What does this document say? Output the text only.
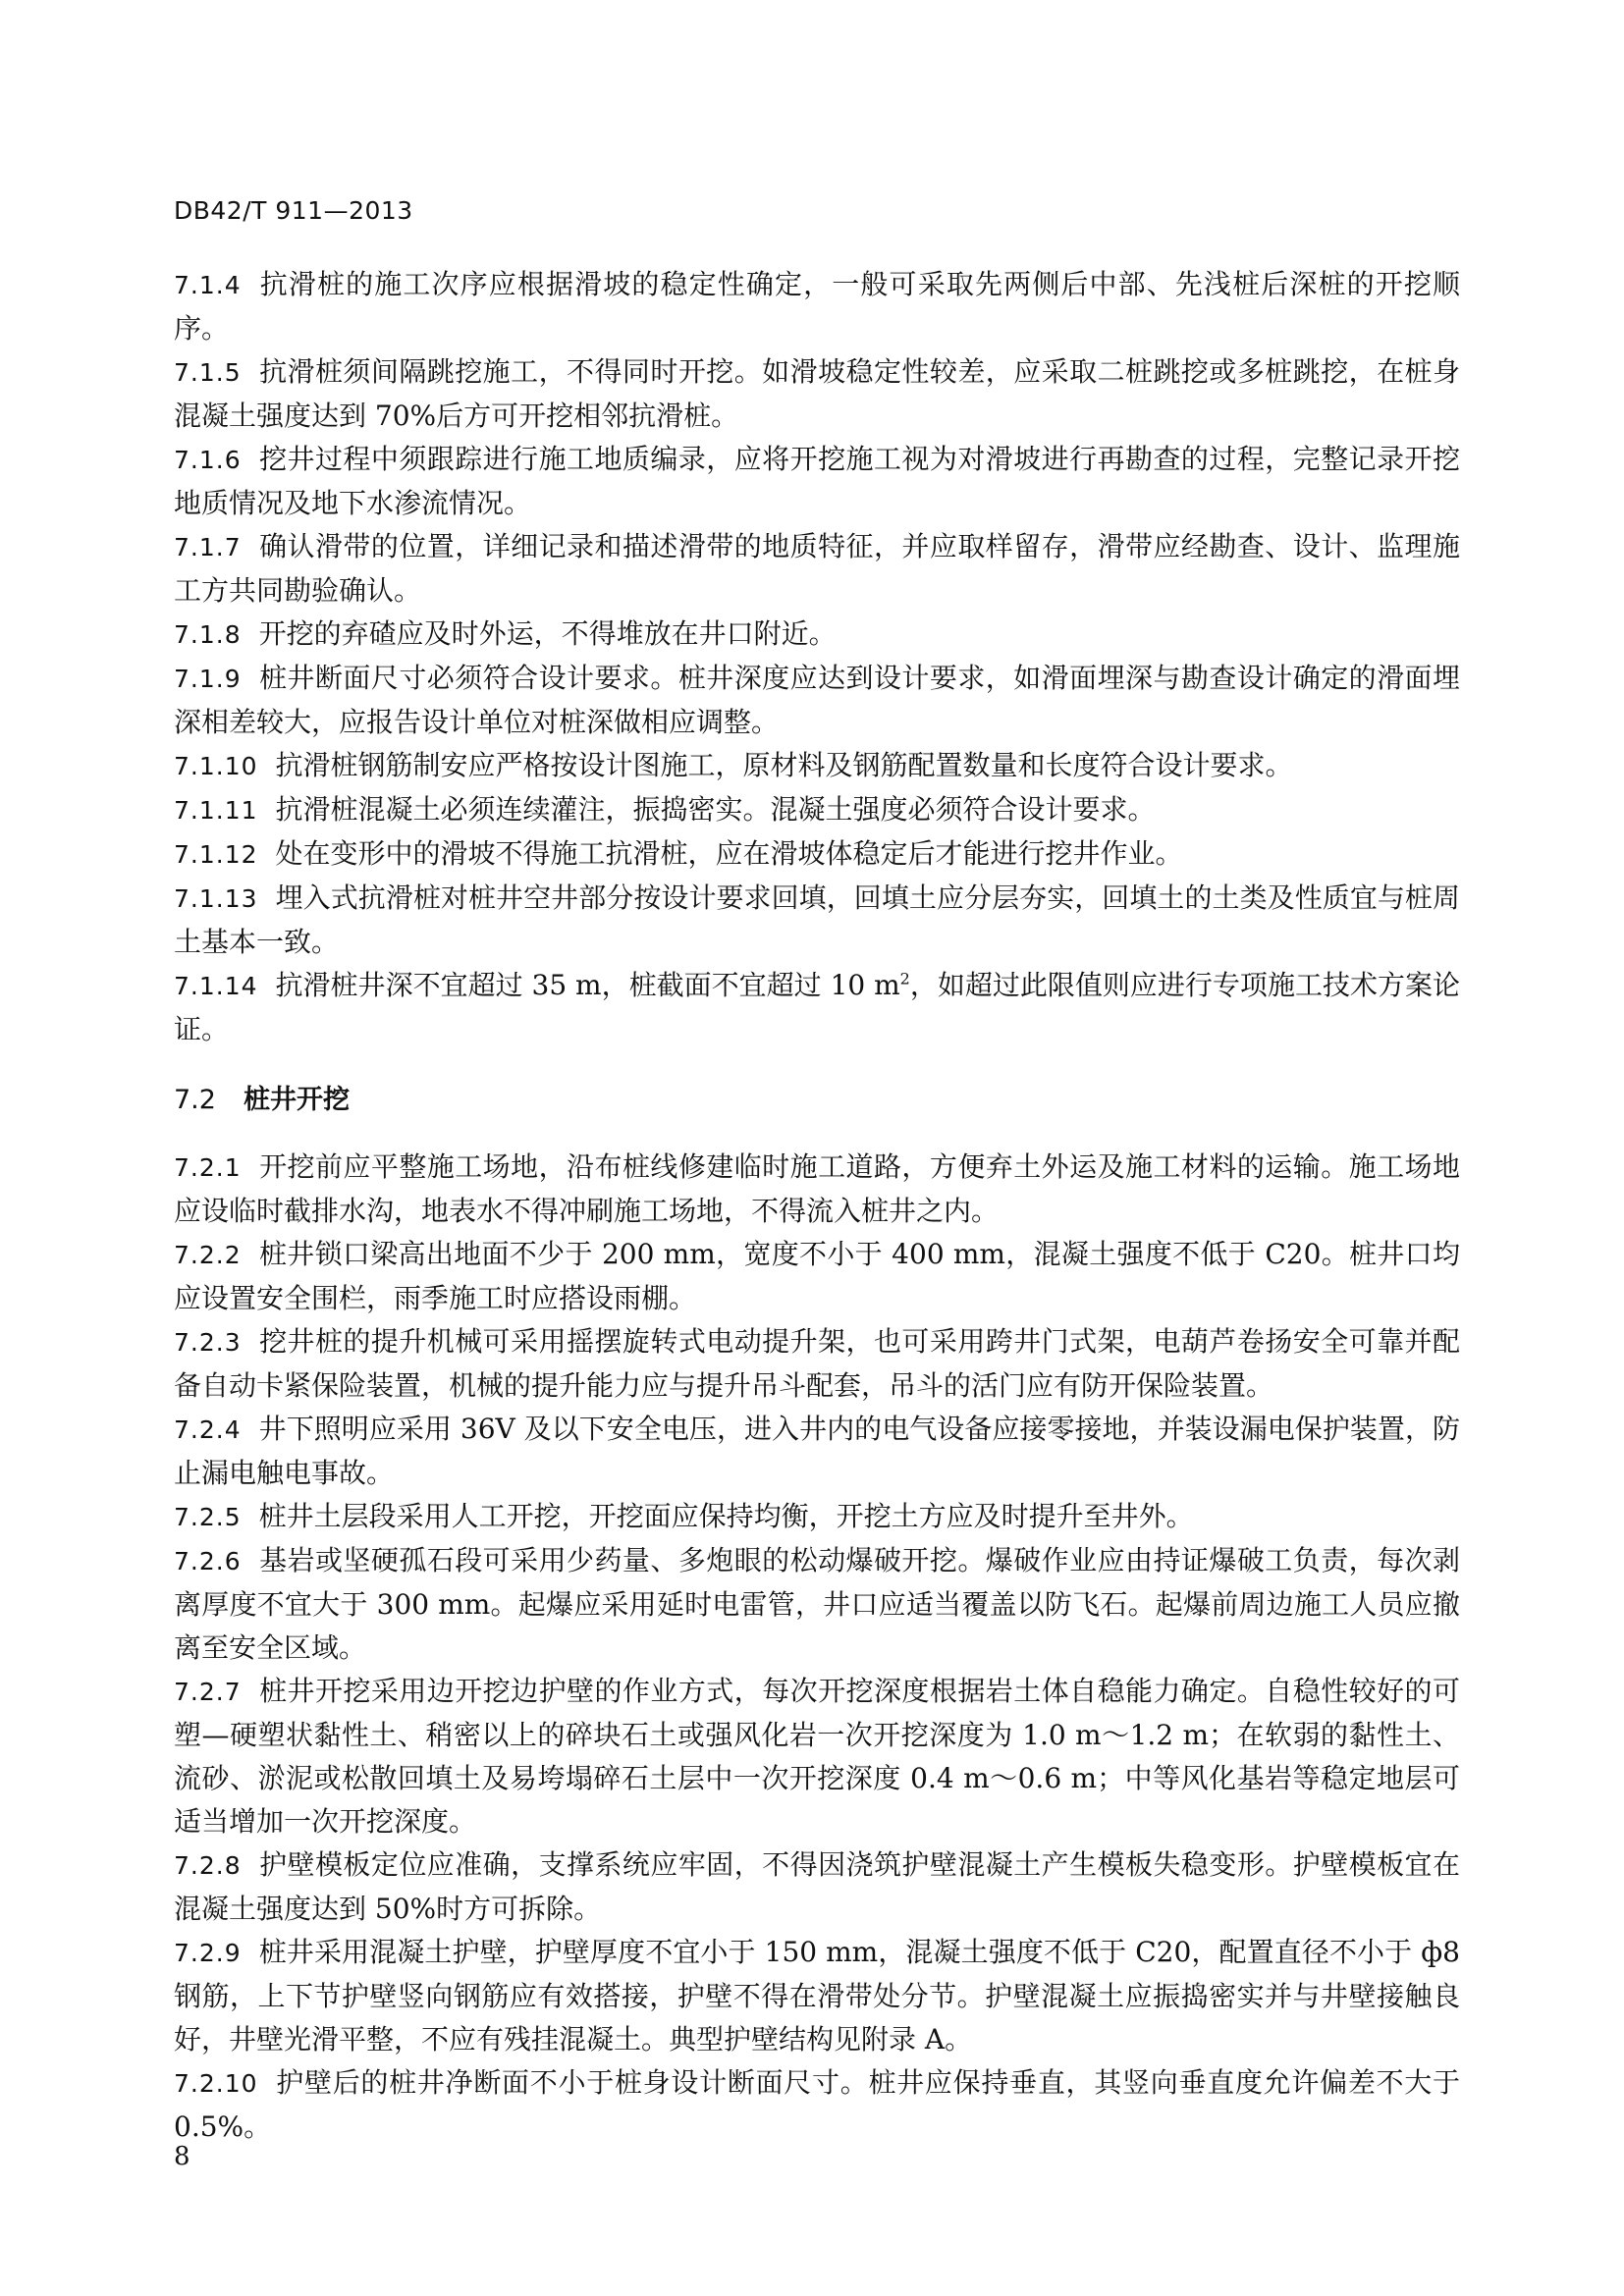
DB42/T 911—2013

7.1.4 抗滑桩的施工次序应根据滑坡的稳定性确定，一般可采取先两侧后中部、先浅桩后深桩的开挖顺序。

7.1.5 抗滑桩须间隔跳挖施工，不得同时开挖。如滑坡稳定性较差，应采取二桩跳挖或多桩跳挖，在桩身混凝土强度达到 70%后方可开挖相邻抗滑桩。

7.1.6 挖井过程中须跟踪进行施工地质编录，应将开挖施工视为对滑坡进行再勘查的过程，完整记录开挖地质情况及地下水渗流情况。

7.1.7 确认滑带的位置，详细记录和描述滑带的地质特征，并应取样留存，滑带应经勘查、设计、监理施工方共同勘验确认。

7.1.8 开挖的弃碴应及时外运，不得堆放在井口附近。

7.1.9 桩井断面尺寸必须符合设计要求。桩井深度应达到设计要求，如滑面埋深与勘查设计确定的滑面埋深相差较大，应报告设计单位对桩深做相应调整。

7.1.10 抗滑桩钢筋制安应严格按设计图施工，原材料及钢筋配置数量和长度符合设计要求。

7.1.11 抗滑桩混凝土必须连续灌注，振捣密实。混凝土强度必须符合设计要求。

7.1.12 处在变形中的滑坡不得施工抗滑桩，应在滑坡体稳定后才能进行挖井作业。

7.1.13 埋入式抗滑桩对桩井空井部分按设计要求回填，回填土应分层夯实，回填土的土类及性质宜与桩周土基本一致。

7.1.14 抗滑桩井深不宜超过 35 m，桩截面不宜超过 10 $m^2$，如超过此限值则应进行专项施工技术方案论证。

7.2 桩井开挖

7.2.1 开挖前应平整施工场地，沿布桩线修建临时施工道路，方便弃土外运及施工材料的运输。施工场地应设临时截排水沟，地表水不得冲刷施工场地，不得流入桩井之内。

7.2.2 桩井锁口梁高出地面不少于 200 mm，宽度不小于 400 mm，混凝土强度不低于 C20。桩井口均应设置安全围栏，雨季施工时应搭设雨棚。

7.2.3 挖井桩的提升机械可采用摇摆旋转式电动提升架，也可采用跨井门式架，电葫芦卷扬安全可靠并配备自动卡紧保险装置，机械的提升能力应与提升吊斗配套，吊斗的活门应有防开保险装置。

7.2.4 井下照明应采用 36V 及以下安全电压，进入井内的电气设备应接零接地，并装设漏电保护装置，防止漏电触电事故。

7.2.5 桩井土层段采用人工开挖，开挖面应保持均衡，开挖土方应及时提升至井外。

7.2.6 基岩或坚硬孤石段可采用少药量、多炮眼的松动爆破开挖。爆破作业应由持证爆破工负责，每次剥离厚度不宜大于 300 mm。起爆应采用延时电雷管，井口应适当覆盖以防飞石。起爆前周边施工人员应撤离至安全区域。

7.2.7 桩井开挖采用边开挖边护壁的作业方式，每次开挖深度根据岩土体自稳能力确定。自稳性较好的可塑—硬塑状黏性土、稍密以上的碎块石土或强风化岩一次开挖深度为 1.0 m～1.2 m；在软弱的黏性土、流砂、淤泥或松散回填土及易垮塌碎石土层中一次开挖深度 0.4 m～0.6 m；中等风化基岩等稳定地层可适当增加一次开挖深度。

7.2.8 护壁模板定位应准确，支撑系统应牢固，不得因浇筑护壁混凝土产生模板失稳变形。护壁模板宜在混凝土强度达到 50%时方可拆除。

7.2.9 桩井采用混凝土护壁，护壁厚度不宜小于 150 mm，混凝土强度不低于 C20，配置直径不小于 ф8 钢筋，上下节护壁竖向钢筋应有效搭接，护壁不得在滑带处分节。护壁混凝土应振捣密实并与井壁接触良好，井壁光滑平整，不应有残挂混凝土。典型护壁结构见附录 A。

7.2.10 护壁后的桩井净断面不小于桩身设计断面尺寸。桩井应保持垂直，其竖向垂直度允许偏差不大于 0.5%。

8
